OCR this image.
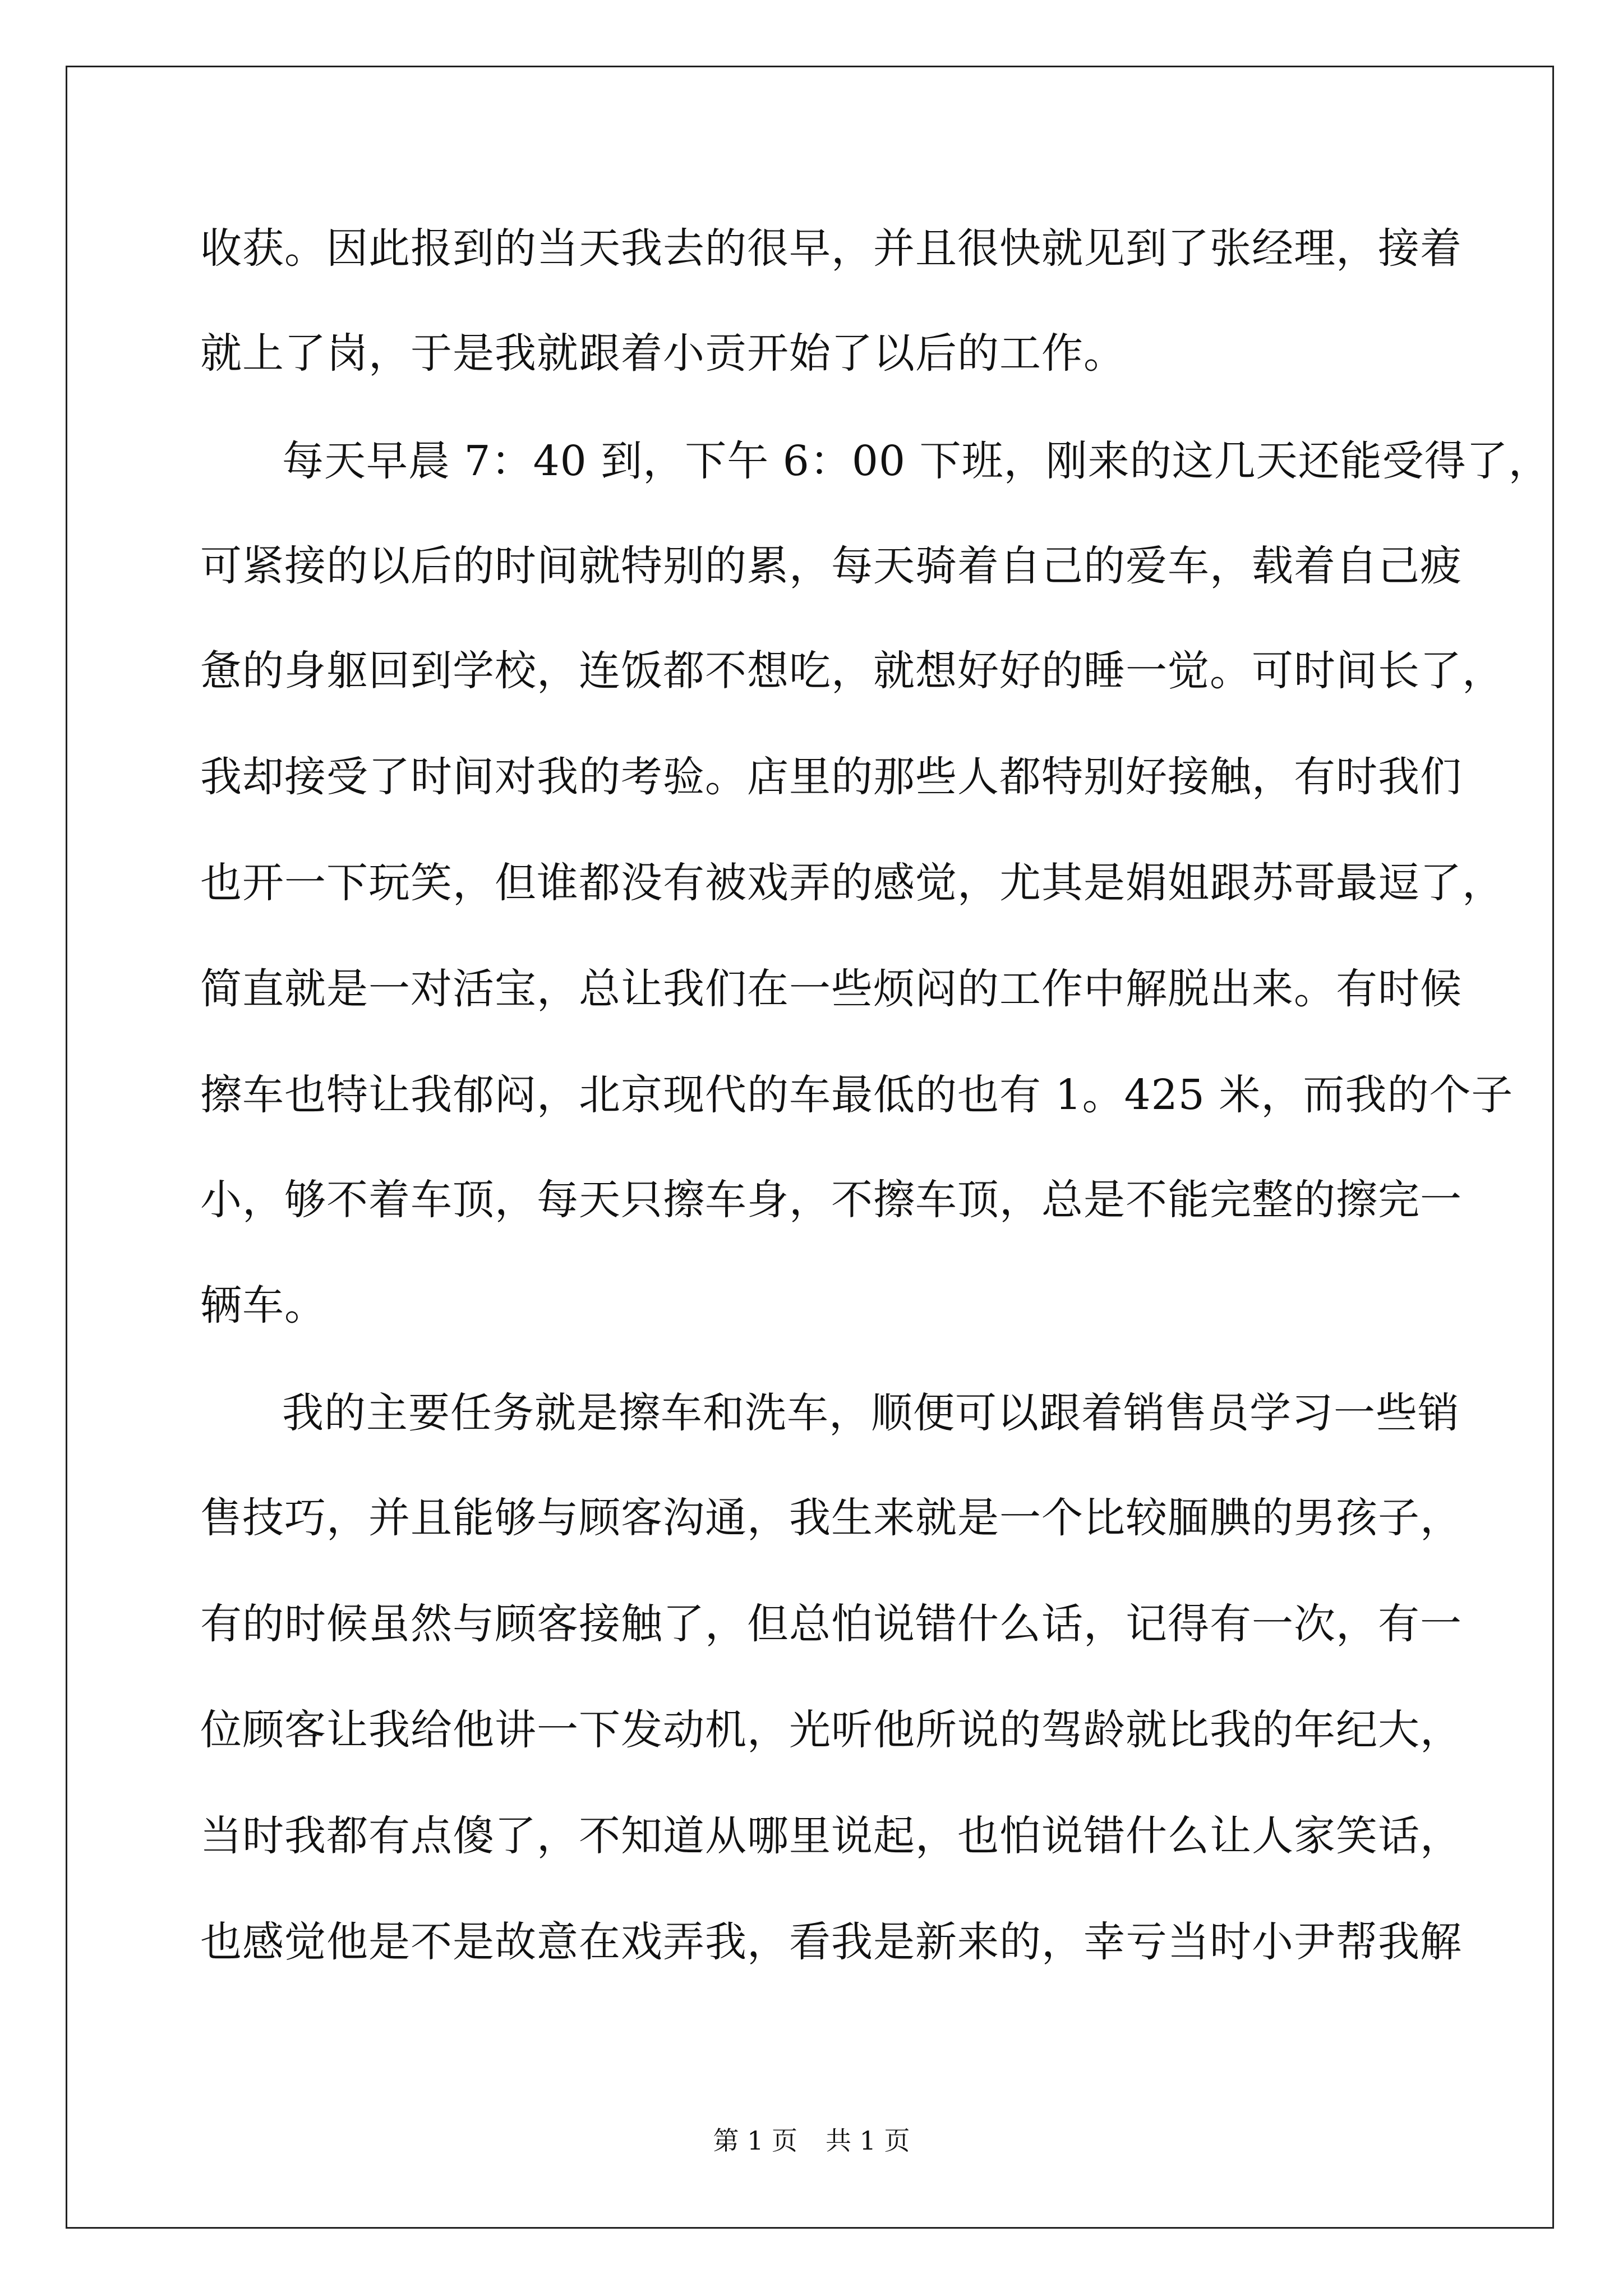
收获。因此报到的当天我去的很早，并且很快就见到了张经理，接着
就上了岗，于是我就跟着小贡开始了以后的工作。
每天早晨 7：40 到，下午 6：00 下班，刚来的这几天还能受得了，
可紧接的以后的时间就特别的累，每天骑着自己的爱车，载着自己疲
惫的身躯回到学校，连饭都不想吃，就想好好的睡一觉。可时间长了，
我却接受了时间对我的考验。店里的那些人都特别好接触，有时我们
也开一下玩笑，但谁都没有被戏弄的感觉，尤其是娟姐跟苏哥最逗了，
简直就是一对活宝，总让我们在一些烦闷的工作中解脱出来。有时候
擦车也特让我郁闷，北京现代的车最低的也有 1。425 米，而我的个子
小，够不着车顶，每天只擦车身，不擦车顶，总是不能完整的擦完一
辆车。
我的主要任务就是擦车和洗车，顺便可以跟着销售员学习一些销
售技巧，并且能够与顾客沟通，我生来就是一个比较腼腆的男孩子，
有的时候虽然与顾客接触了，但总怕说错什么话，记得有一次，有一
位顾客让我给他讲一下发动机，光听他所说的驾龄就比我的年纪大，
当时我都有点傻了，不知道从哪里说起，也怕说错什么让人家笑话，
也感觉他是不是故意在戏弄我，看我是新来的，幸亏当时小尹帮我解
第 1 页 共 1 页
